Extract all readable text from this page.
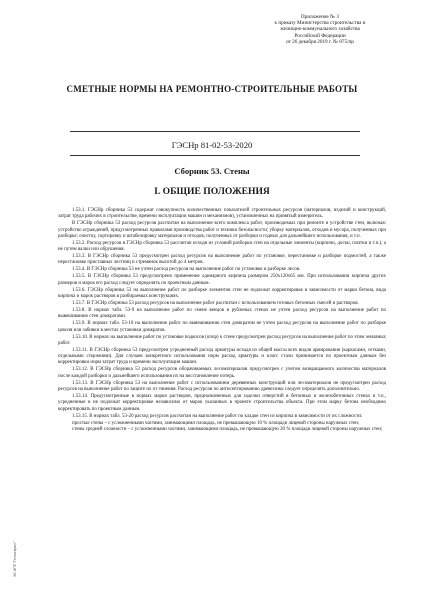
Приложение № 3
к приказу Министерства строительства и
жилищно-коммунального хозяйства
Российской Федерации
от 26 декабря 2019 г. № 875/пр
СМЕТНЫЕ НОРМЫ НА РЕМОНТНО-СТРОИТЕЛЬНЫЕ РАБОТЫ
ГЭСНр 81-02-53-2020
Сборник 53. Стены
I. ОБЩИЕ ПОЛОЖЕНИЯ

1.53.1. ГЭСНр сборника 53 содержат совокупность количественных показателей строительных ресурсов (материалов, изделий и конструкций, затрат труда рабочих в строительстве, времени эксплуатации машин и механизмов), установленных на принятый измеритель.

В ГЭСНр сборника 53 расход ресурсов рассчитан на выполнение всего комплекса работ, производимых при ремонте и устройстве стен, включая: устройство ограждений, предусмотренных правилами производства работ и техники безопасности; уборку материалов, отходов и мусора, полученных при разборке; очистку, сортировку и штабелировку материалов и отходов, полученных от разборки и годных для дальнейшего использования, и т.п.

1.53.2. Расход ресурсов в ГЭСНр сборника 53 рассчитан исходя из условий разборки стен на отдельные элементы (кирпичи, доски, плитки и т.п.), а не путем валки или обрушения.

1.53.3. В ГЭСНр сборника 53 предусмотрен расход ресурсов на выполнение работ по установке, перестановке и разборке подмостей, а также перестановке приставных лестниц и стремянок высотой до 4 метров.

1.53.4. В ГЭСНр сборника 53 не учтен расход ресурсов на выполнение работ по установке и разборке лесов.

1.53.5. В ГЭСНр сборника 53 предусмотрено применение одинарного кирпича размером 250х120х65 мм. При использовании кирпича других размеров и марок его расход следует определять по проектным данным.

1.53.6. ГЭСНр сборника 53 на выполнение работ по разборке элементов стен не подлежат корректировке в зависимости от марки бетона, вида кирпича и марок растворов в разбираемых конструкциях.

1.53.7. В ГЭСНр сборника 53 расход ресурсов на выполнение работ рассчитан с использованием готовых бетонных смесей и растворов.

1.53.8. В нормах табл. 53-9 на выполнение работ по смене венцов в рубленых стенах не учтен расход ресурсов на выполнение работ по вывешиванию стен домкратами.

1.53.9. В нормах табл. 53-10 на выполнение работ по вывешиванию стен домкратом не учтен расход ресурсов на выполнение работ по разборке цоколя или забивки в местах установки домкратов.

1.53.10. В нормах на выполнение работ по установке подкосов (опор) к стене предусмотрен расход ресурсов на выполнение работ по этим земляных работ.

1.53.11. В ГЭСНр сборника 53 предусмотрен усредненный расход арматуры исходя из общей массы всех видов армирования (каркасами, сетками, отдельными стержнями). Для случаев конкретного использования норм расход арматуры и класс стали принимается по проектным данным без корректировки норм затрат труда и времени эксплуатации машин.

1.53.12. В ГЭСНр сборника 53 расход ресурсов оборачиваемых лесоматериалов предусмотрен с учетом возвращаемого количества материалов после каждой разборки и дальнейшего использования их на восстановление потерь.

1.53.13. В ГЭСНр сборника 53 на выполнение работ с использованием деревянных конструкций или лесоматериалов не предусмотрен расход ресурсов на выполнение работ по защите их от гниения. Расход ресурсов по антисептированию древесины следует определять дополнительно.

1.53.14. Предусмотренные в нормах марки растворов, предназначенных для заделки отверстий в бетонных и железобетонных стенах и т.п., усредненные и не подлежат корректировке независимо от марок указанных в проекте строительства объекта. При этом марку бетона необходимо корректировать по проектным данным.

1.53.15. В нормах табл. 53-20 расход ресурсов рассчитан на выполнение работ по кладке стен из кирпича в зависимости от их сложности:

простые стены – с усложненными частями, занимающими площадь, не превышающую 10 % площади лицевой стороны наружных стен;

стены средней сложности – с усложненными частями, занимающими площадь, не превышающую 20 % площади лицевой стороны наружных стен;

ЭС ИПП "Гелиогарант"
